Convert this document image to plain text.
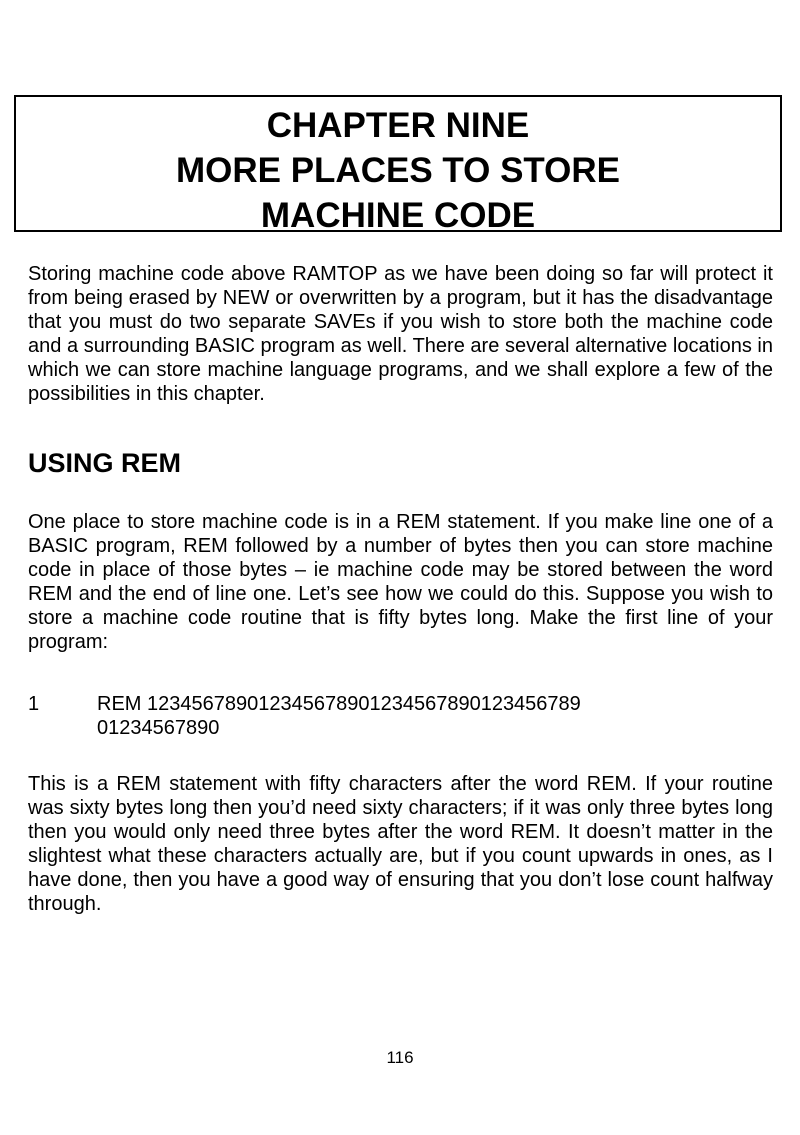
CHAPTER NINE
MORE PLACES TO STORE
MACHINE CODE

Storing machine code above RAMTOP as we have been doing so far will protect it from being erased by NEW or overwritten by a program, but it has the disadvantage that you must do two separate SAVEs if you wish to store both the machine code and a surrounding BASIC program as well. There are several alternative locations in which we can store machine language programs, and we shall explore a few of the possibilities in this chapter.

USING REM

One place to store machine code is in a REM statement. If you make line one of a BASIC program, REM followed by a number of bytes then you can store machine code in place of those bytes – ie machine code may be stored between the word REM and the end of line one. Let’s see how we could do this. Suppose you wish to store a machine code routine that is fifty bytes long. Make the first line of your program:

1	REM 1234567890123456789012345678901234567​89
01234567890

This is a REM statement with fifty characters after the word REM. If your routine was sixty bytes long then you’d need sixty characters; if it was only three bytes long then you would only need three bytes after the word REM. It doesn’t matter in the slightest what these characters actually are, but if you count upwards in ones, as I have done, then you have a good way of ensuring that you don’t lose count halfway through.

116
